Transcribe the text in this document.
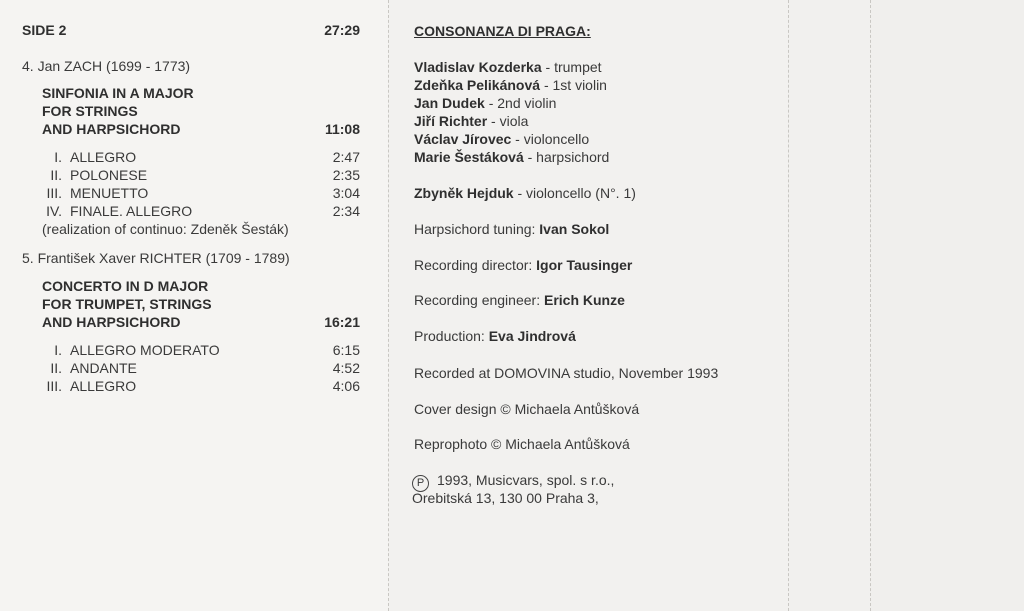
SIDE 2	27:29
4. Jan ZACH (1699 - 1773)
SINFONIA IN A MAJOR
FOR STRINGS
AND HARPSICHORD	11:08
I. ALLEGRO	2:47
II. POLONESE	2:35
III. MENUETTO	3:04
IV. FINALE. ALLEGRO	2:34
(realization of continuo: Zdeněk Šesták)
5. František Xaver RICHTER (1709 - 1789)
CONCERTO IN D MAJOR
FOR TRUMPET, STRINGS
AND HARPSICHORD	16:21
I. ALLEGRO MODERATO	6:15
II. ANDANTE	4:52
III. ALLEGRO	4:06
CONSONANZA DI PRAGA:
Vladislav Kozderka - trumpet
Zdeňka Pelikánová - 1st violin
Jan Dudek - 2nd violin
Jiří Richter - viola
Václav Jírovec - violoncello
Marie Šestáková - harpsichord
Zbyněk Hejduk - violoncello (N°. 1)
Harpsichord tuning: Ivan Sokol
Recording director: Igor Tausinger
Recording engineer: Erich Kunze
Production: Eva Jindrová
Recorded at DOMOVINA studio, November 1993
Cover design © Michaela Antůšková
Reprophoto © Michaela Antůšková
P 1993, Musicvars, spol. s r.o.,
Orebitská 13, 130 00 Praha 3,
